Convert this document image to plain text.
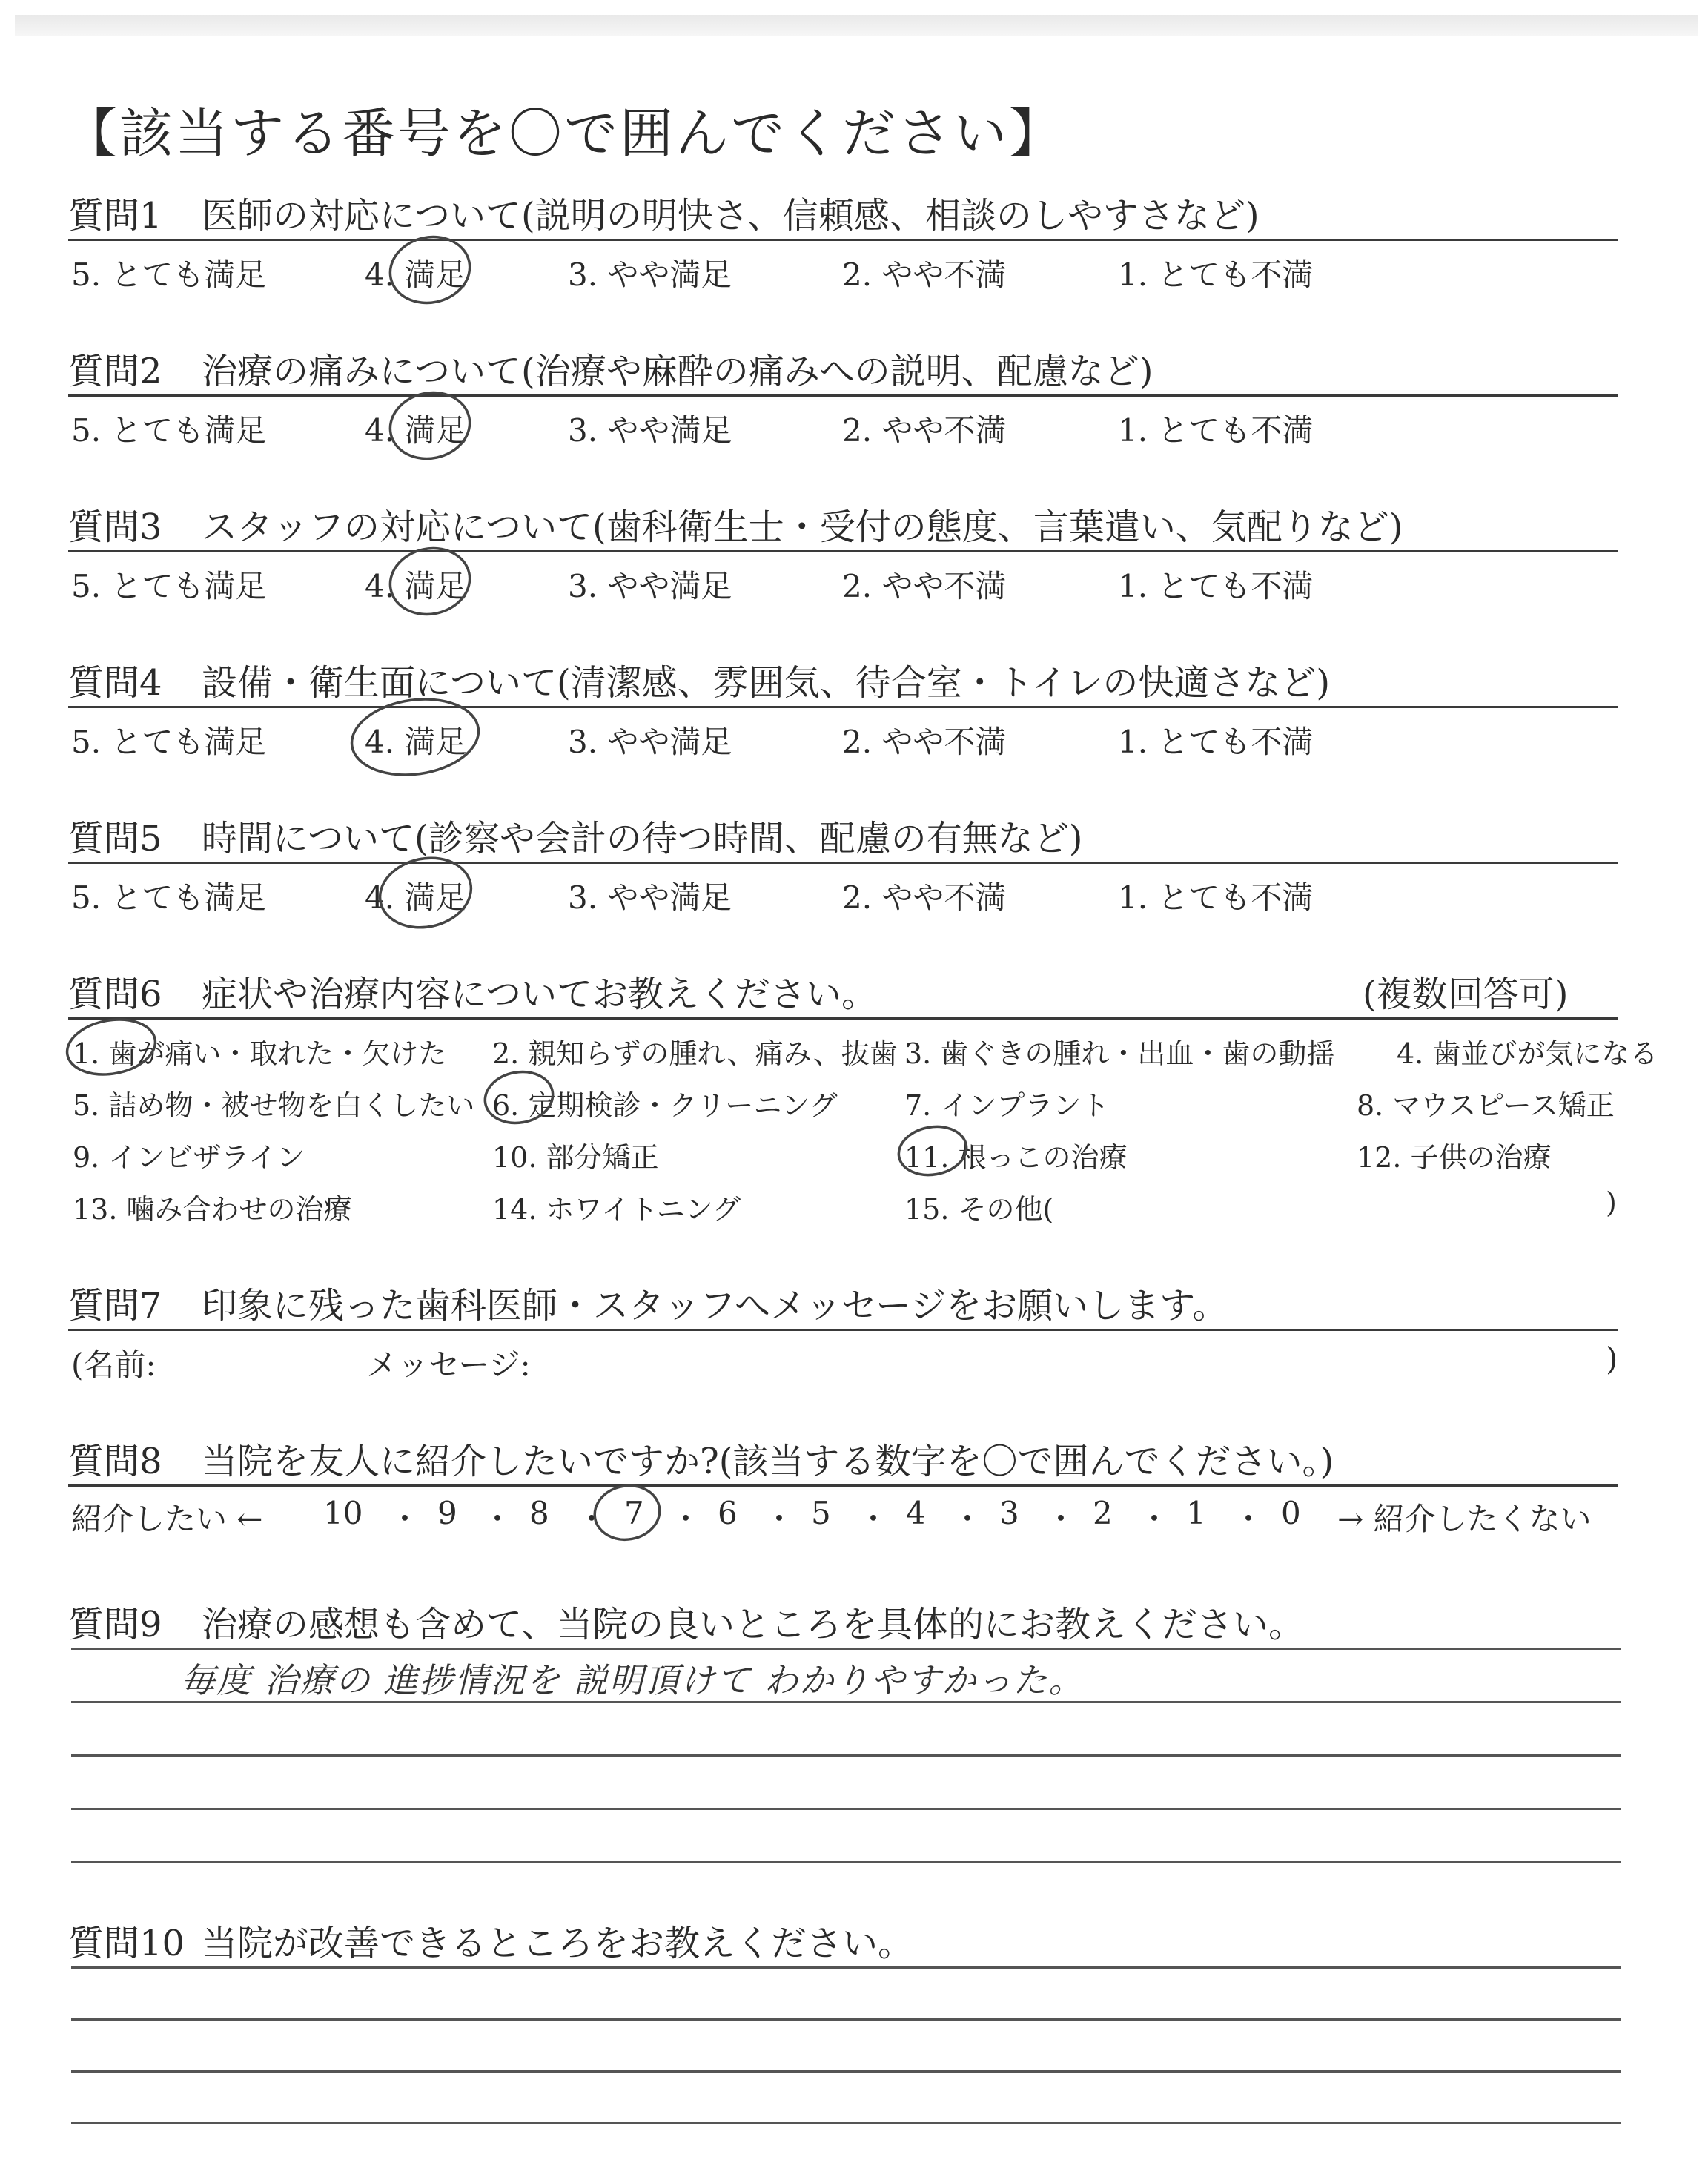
【該当する番号を〇で囲んでください】
質問1 医師の対応について(説明の明快さ、信頼感、相談のしやすさなど)
5. とても満足	4. 満足	3. やや満足	2. やや不満	1. とても不満
質問2 治療の痛みについて(治療や麻酔の痛みへの説明、配慮など)
5. とても満足	4. 満足	3. やや満足	2. やや不満	1. とても不満
質問3 スタッフの対応について(歯科衛生士・受付の態度、言葉遣い、気配りなど)
5. とても満足	4. 満足	3. やや満足	2. やや不満	1. とても不満
質問4 設備・衛生面について(清潔感、雰囲気、待合室・トイレの快適さなど)
5. とても満足	4. 満足	3. やや満足	2. やや不満	1. とても不満
質問5 時間について(診察や会計の待つ時間、配慮の有無など)
5. とても満足	4. 満足	3. やや満足	2. やや不満	1. とても不満
質問6 症状や治療内容についてお教えください。	(複数回答可)
1. 歯が痛い・取れた・欠けた 2. 親知らずの腫れ、痛み、抜歯 3. 歯ぐきの腫れ・出血・歯の動揺 4. 歯並びが気になる
5. 詰め物・被せ物を白くしたい 6. 定期検診・クリーニング 7. インプラント	8. マウスピース矯正
9. インビザライン	10. 部分矯正	11. 根っこの治療	12. 子供の治療
13. 噛み合わせの治療	14. ホワイトニング	15. その他(	)
質問7 印象に残った歯科医師・スタッフへメッセージをお願いします。
(名前:	メッセージ:	)
質問8 当院を友人に紹介したいですか?(該当する数字を〇で囲んでください。)
紹介したい ← 10 9 8 7 6 5 4 3 2 1 0
・ ・ ・ ・ ・ ・ ・ ・ ・ ・ → 紹介したくない
質問9 治療の感想も含めて、当院の良いところを具体的にお教えください。
毎度 治療の 進捗情況を 説明頂けて わかりやすかった。
質問10 当院が改善できるところをお教えください。
